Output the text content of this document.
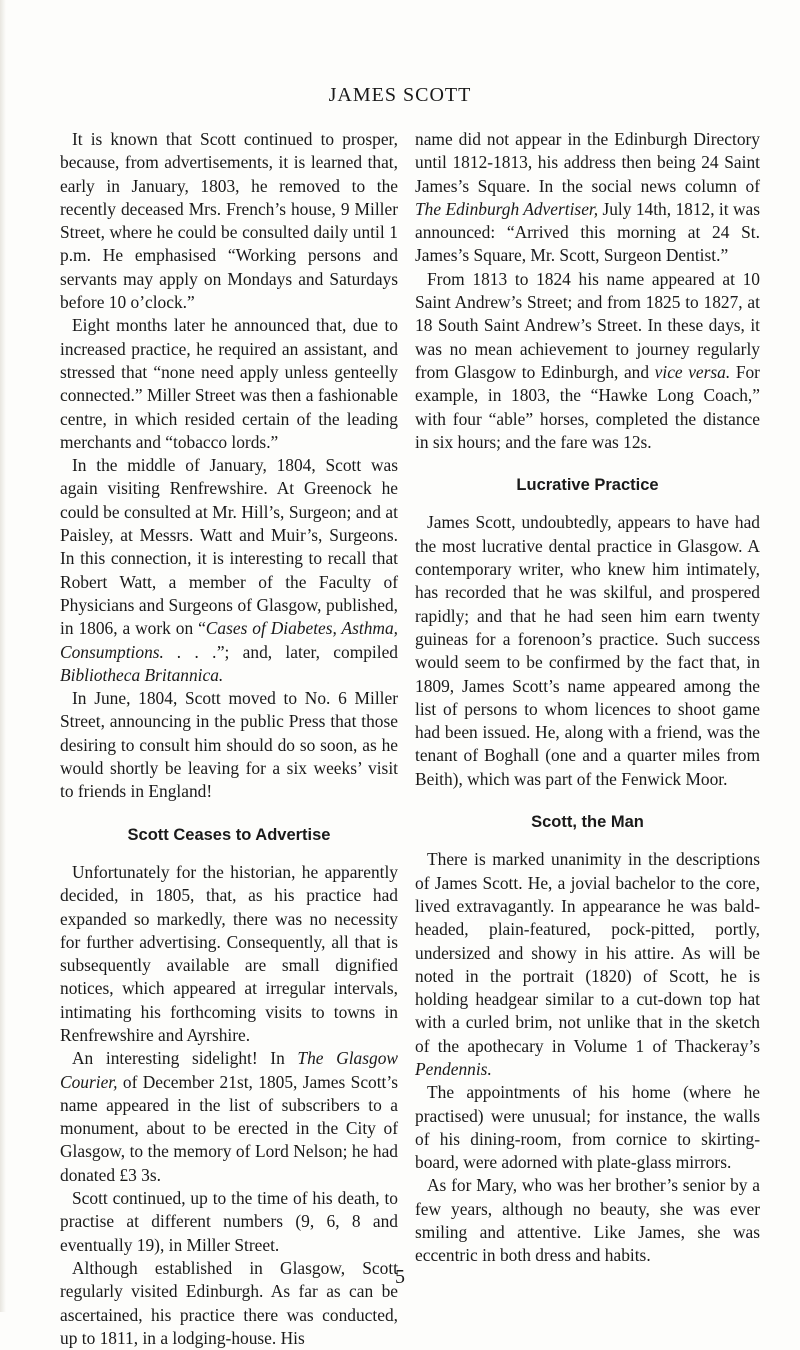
JAMES SCOTT

It is known that Scott continued to prosper, because, from advertisements, it is learned that, early in January, 1803, he removed to the recently deceased Mrs. French’s house, 9 Miller Street, where he could be consulted daily until 1 p.m. He emphasised “Working persons and servants may apply on Mondays and Saturdays before 10 o’clock.”

Eight months later he announced that, due to increased practice, he required an assistant, and stressed that “none need apply unless genteelly connected.” Miller Street was then a fashionable centre, in which resided certain of the leading merchants and “tobacco lords.”

In the middle of January, 1804, Scott was again visiting Renfrewshire. At Greenock he could be consulted at Mr. Hill’s, Surgeon; and at Paisley, at Messrs. Watt and Muir’s, Surgeons. In this connection, it is interesting to recall that Robert Watt, a member of the Faculty of Physicians and Surgeons of Glasgow, published, in 1806, a work on “Cases of Diabetes, Asthma, Consumptions. . . .”; and, later, compiled Bibliotheca Britannica.

In June, 1804, Scott moved to No. 6 Miller Street, announcing in the public Press that those desiring to consult him should do so soon, as he would shortly be leaving for a six weeks’ visit to friends in England!

Scott Ceases to Advertise

Unfortunately for the historian, he apparently decided, in 1805, that, as his practice had expanded so markedly, there was no necessity for further advertising. Consequently, all that is subsequently available are small dignified notices, which appeared at irregular intervals, intimating his forthcoming visits to towns in Renfrewshire and Ayrshire.

An interesting sidelight! In The Glasgow Courier, of December 21st, 1805, James Scott’s name appeared in the list of subscribers to a monument, about to be erected in the City of Glasgow, to the memory of Lord Nelson; he had donated £3 3s.

Scott continued, up to the time of his death, to practise at different numbers (9, 6, 8 and eventually 19), in Miller Street.

Although established in Glasgow, Scott regularly visited Edinburgh. As far as can be ascertained, his practice there was conducted, up to 1811, in a lodging-house. His

name did not appear in the Edinburgh Directory until 1812-1813, his address then being 24 Saint James’s Square. In the social news column of The Edinburgh Advertiser, July 14th, 1812, it was announced: “Arrived this morning at 24 St. James’s Square, Mr. Scott, Surgeon Dentist.”

From 1813 to 1824 his name appeared at 10 Saint Andrew’s Street; and from 1825 to 1827, at 18 South Saint Andrew’s Street. In these days, it was no mean achievement to journey regularly from Glasgow to Edinburgh, and vice versa. For example, in 1803, the “Hawke Long Coach,” with four “able” horses, completed the distance in six hours; and the fare was 12s.

Lucrative Practice

James Scott, undoubtedly, appears to have had the most lucrative dental practice in Glasgow. A contemporary writer, who knew him intimately, has recorded that he was skilful, and prospered rapidly; and that he had seen him earn twenty guineas for a forenoon’s practice. Such success would seem to be confirmed by the fact that, in 1809, James Scott’s name appeared among the list of persons to whom licences to shoot game had been issued. He, along with a friend, was the tenant of Boghall (one and a quarter miles from Beith), which was part of the Fenwick Moor.

Scott, the Man

There is marked unanimity in the descriptions of James Scott. He, a jovial bachelor to the core, lived extravagantly. In appearance he was bald-headed, plain-featured, pock-pitted, portly, undersized and showy in his attire. As will be noted in the portrait (1820) of Scott, he is holding headgear similar to a cut-down top hat with a curled brim, not unlike that in the sketch of the apothecary in Volume 1 of Thackeray’s Pendennis.

The appointments of his home (where he practised) were unusual; for instance, the walls of his dining-room, from cornice to skirting-board, were adorned with plate-glass mirrors.

As for Mary, who was her brother’s senior by a few years, although no beauty, she was ever smiling and attentive. Like James, she was eccentric in both dress and habits.

5
